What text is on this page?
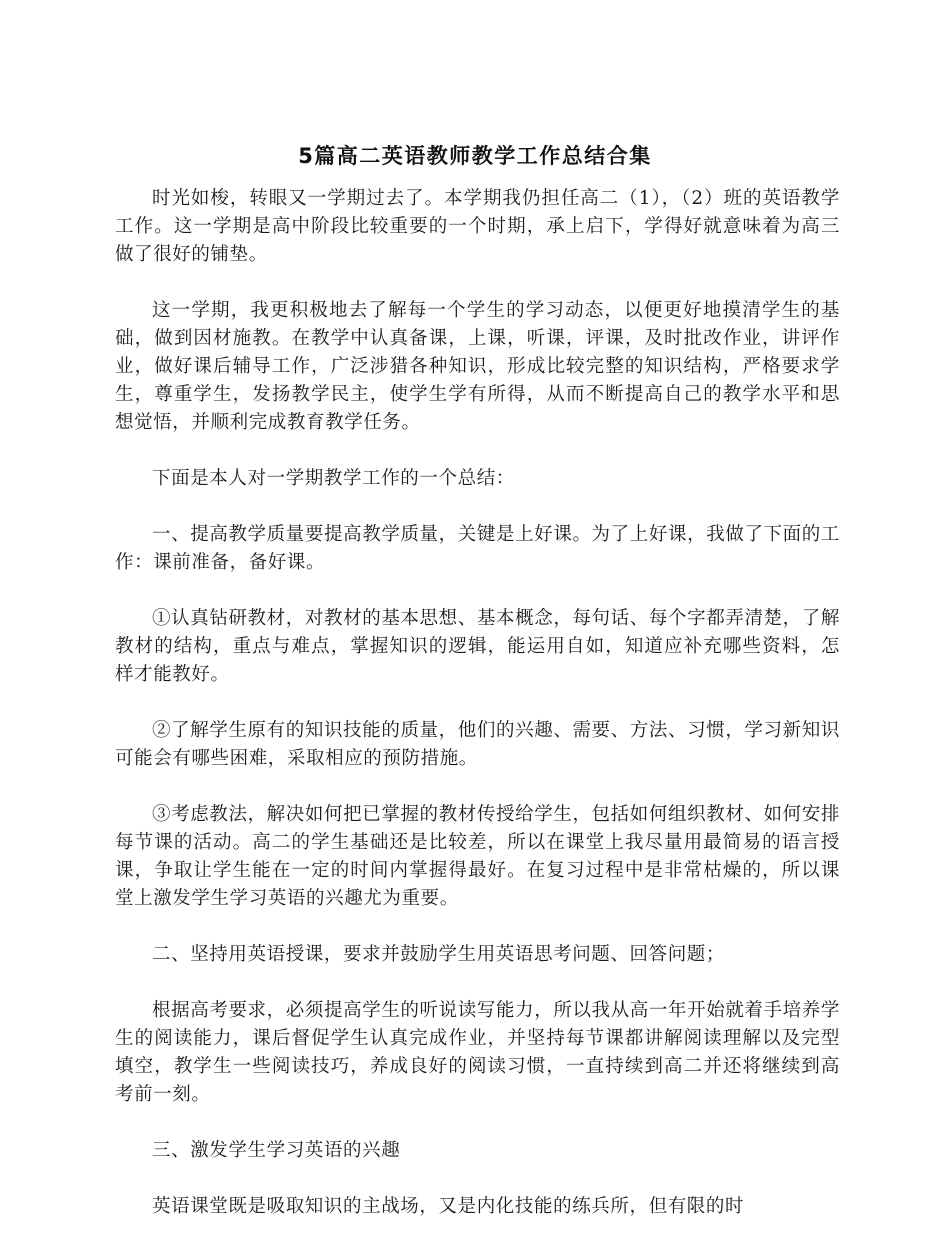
5篇高二英语教师教学工作总结合集

时光如梭，转眼又一学期过去了。本学期我仍担任高二（1），（2）班的英语教学工作。这一学期是高中阶段比较重要的一个时期，承上启下，学得好就意味着为高三做了很好的铺垫。

这一学期，我更积极地去了解每一个学生的学习动态，以便更好地摸清学生的基础，做到因材施教。在教学中认真备课，上课，听课，评课，及时批改作业，讲评作业，做好课后辅导工作，广泛涉猎各种知识，形成比较完整的知识结构，严格要求学生，尊重学生，发扬教学民主，使学生学有所得，从而不断提高自己的教学水平和思想觉悟，并顺利完成教育教学任务。

下面是本人对一学期教学工作的一个总结：

一、提高教学质量要提高教学质量，关键是上好课。为了上好课，我做了下面的工作：课前准备，备好课。

①认真钻研教材，对教材的基本思想、基本概念，每句话、每个字都弄清楚，了解教材的结构，重点与难点，掌握知识的逻辑，能运用自如，知道应补充哪些资料，怎样才能教好。

②了解学生原有的知识技能的质量，他们的兴趣、需要、方法、习惯，学习新知识可能会有哪些困难，采取相应的预防措施。

③考虑教法，解决如何把已掌握的教材传授给学生，包括如何组织教材、如何安排每节课的活动。高二的学生基础还是比较差，所以在课堂上我尽量用最简易的语言授课，争取让学生能在一定的时间内掌握得最好。在复习过程中是非常枯燥的，所以课堂上激发学生学习英语的兴趣尤为重要。

二、坚持用英语授课，要求并鼓励学生用英语思考问题、回答问题；

根据高考要求，必须提高学生的听说读写能力，所以我从高一年开始就着手培养学生的阅读能力，课后督促学生认真完成作业，并坚持每节课都讲解阅读理解以及完型填空，教学生一些阅读技巧，养成良好的阅读习惯，一直持续到高二并还将继续到高考前一刻。

三、激发学生学习英语的兴趣

英语课堂既是吸取知识的主战场，又是内化技能的练兵所，但有限的时
